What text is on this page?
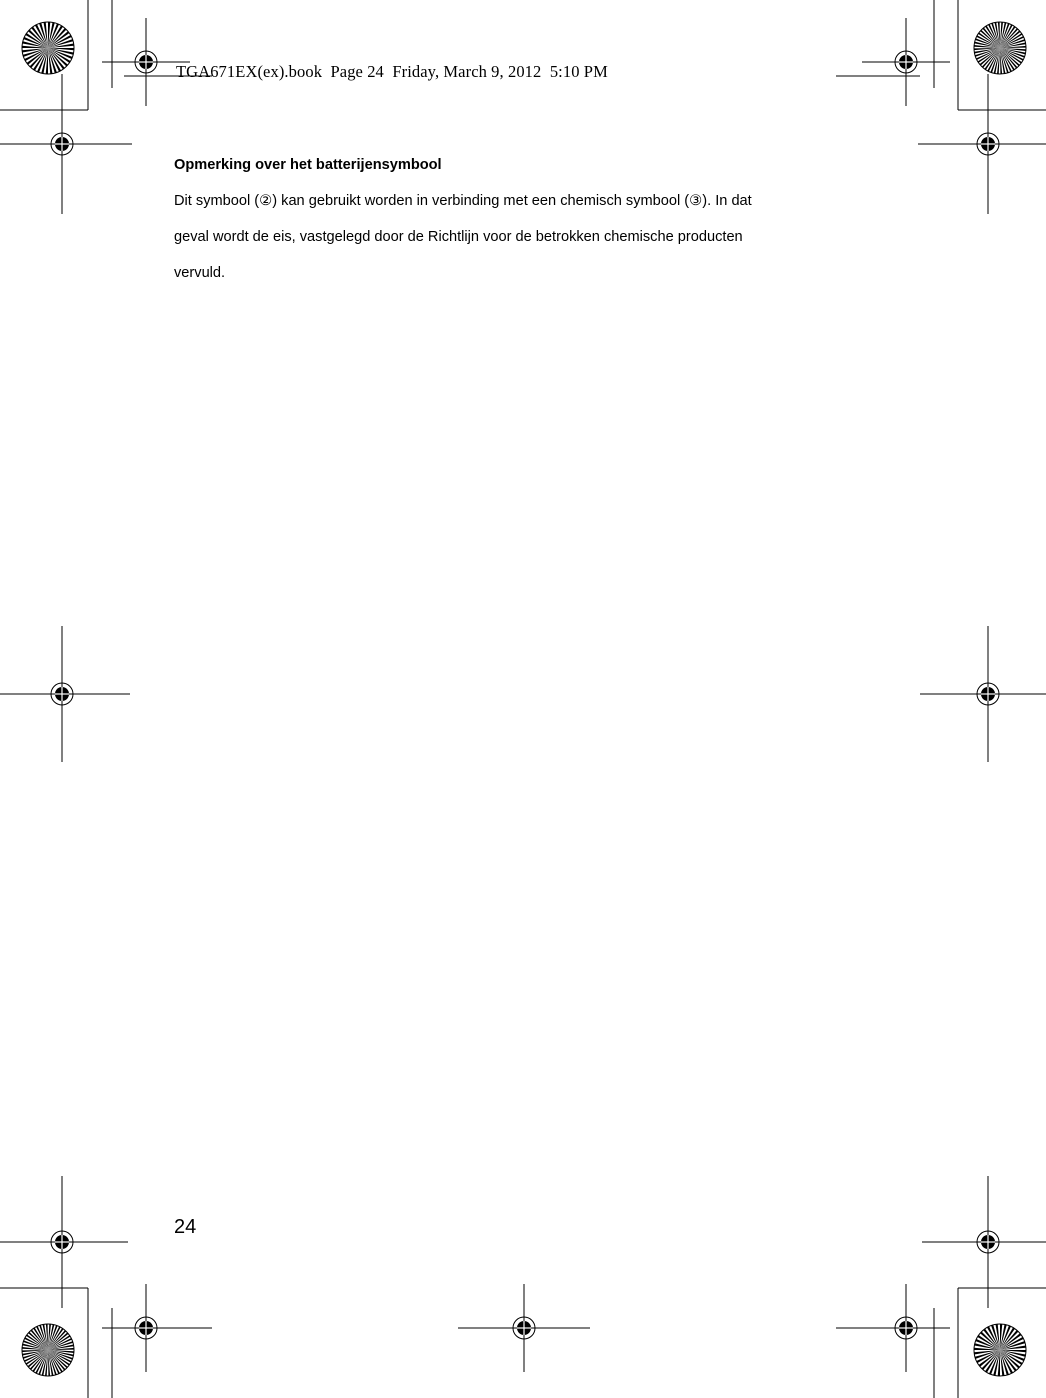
TGA671EX(ex).book  Page 24  Friday, March 9, 2012  5:10 PM
Opmerking over het batterijensymbool

Dit symbool (②) kan gebruikt worden in verbinding met een chemisch symbool (③). In dat

geval wordt de eis, vastgelegd door de Richtlijn voor de betrokken chemische producten

vervuld.

24
